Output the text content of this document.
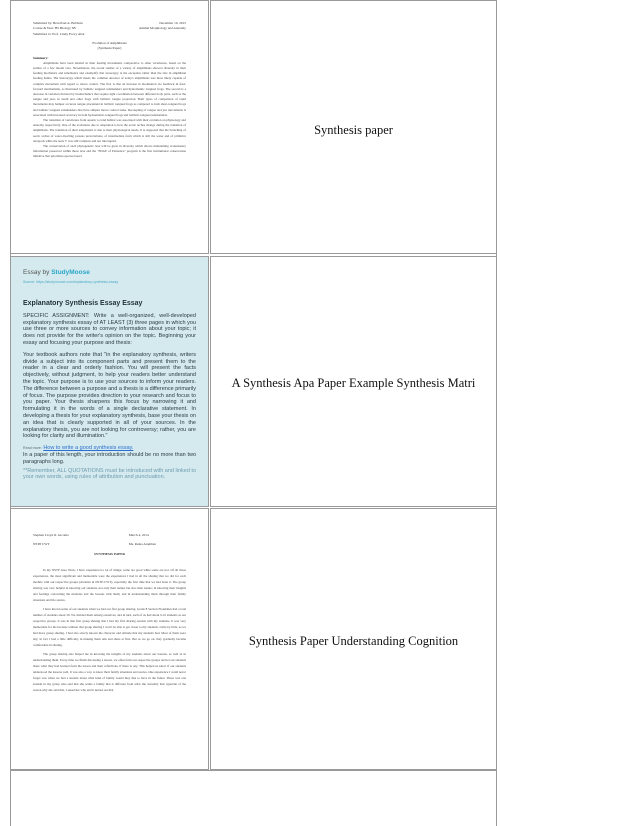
Submitted by: Bran Paul A. Baldwin
Course & Year: BS Biology 3B
Submitted to: Prof. Cindy Evory Abar
December 10, 2015
Animal Morphology and Anatomy
Evolution of Amphibians
(Synthesis Paper)
Summary:

Amphibians have been labeled in their feeding movements comparative to other vertebrates, based on the studies of a few model taxa. Nevertheless, the recent studies of a variety of amphibians showed diversity in their feeding mechanics and kinematics and exemplify that stereotypy is the exception rather than the rule in amphibian feeding habits. The Stereotypy which meets the common ancestor of today's amphibians was most likely capable of complex movement with regard to motor control. The first is that an increase in modulation via feedback in feed-forward mechanisms, as illustrated by ballistic tongued salamanders and hydromantic tongued frogs. The second is a decrease in variation dictated by biomechanics that require tight coordination between different body parts, such as the tongue and jaws in death and other frogs with ballistic tongue projection. Both types of comparison of rapid movements may hamper accurate tongue placement in ballistic tongued frogs as compared to both short-tongued frogs and ballistic tongued salamanders that have simpler motor control tasks. Decoupling of tongue and jaw movements is associated with increased accuracy in both hydromantic-tongued frogs and ballistic-tongued salamanders.

The transition of vertebrates from aquatic to land habitat was associated with their evolution on physiology and anatomy respectively. One of the evolutions due to adaptation is how the aortic arches change during the transition of amphibians. The transition of their adaptations is due to their physiological needs. It is supposed that the branching of aortic arches of water-dwelling proteus prevertebrate, of intermediate form which is still the water and of primitive tetrapods while the neck V was still complete and not interrupted.

The conservation of each phylogenetic taxa will be great in diversity which allows maintaining evolutionary information preserved within those taxa and the "EDGE of Existence" program is the first institutional conservation initiative that prioritizes species based

Synthesis paper
Essay by StudyMoose
Source: https://studymoose.com/explanatory-synthesis-essay
Explanatory Synthesis Essay Essay

SPECIFIC ASSIGNMENT: Write a well-organized, well-developed explanatory synthesis essay of AT LEAST (3) three pages in which you use three or more sources to convey information about your topic; it does not provide for the writer's opinion on the topic. Beginning your essay and focusing your purpose and thesis:

Your textbook authors note that "in the explanatory synthesis, writers divide a subject into its component parts and present them to the reader in a clear and orderly fashion. You will present the facts objectively, without judgment, to help your readers better understand the topic. Your purpose is to use your sources to inform your readers. The difference between a purpose and a thesis is a difference primarily of focus. The purpose provides direction to your research and focus to you paper. Your thesis sharpens this focus by narrowing it and formulating it in the words of a single declarative statement. In developing a thesis for your explanatory synthesis, base your thesis on an idea that is clearly supported in all of your sources. In the explanatory thesis, you are not looking for controversy; rather, you are looking for clarity and illumination."

Read more: How to write a good synthesis essay.
In a paper of this length, your introduction should be no more than two paragraphs long.

**Remember, ALL QUOTATIONS must be introduced with and linked to your own words, using rules of attribution and punctuation.

A Synthesis Apa Paper Example Synthesis Matri
Stephen Lloyd O. Gicoma
NSTP CWT
March 4, 2014
Ms. Reina Aramban
SYNTHESIS PAPER

In my NSTP Area Work, I have experienced a lot of things; some are good while some are not. Of all those experiences, the most significant and memorable were the experiences I had in all the sharing that we did for each module with our respective groups (students in NSTP-CWT), especially the first time that we had done it. The group sharing was very helpful in knowing our students, not only their names but also their nature; in knowing their insights and feelings concerning the modules and the lessons with them; and in understanding them through their family situations and life stories.

I have known some of our students when we had our first group sharing. Grade 8 Section Flourishes had a total number of students about 39. We divided them among ourselves; and in turn, each of us had about 9-10 students as our respective groups. It was in that first group sharing that I had my first sharing session with my students. It was very memorable for me because without that group sharing I won't be able to get closer to my students. Little by little, as we had more group sharing, I had also slowly known the character and attitude that my students had. Most of them were shy; in fact I had a little difficulty in making them talk and share at first. But as we go on, they gradually became comfortable in sharing.

The group sharing also helped me in knowing the insights of my students about our lessons, as well as in understanding them. Every time we finish discussing a lesson, we often form our respective groups and let our students share what they had learned from the lesson and their reflections, if there is any. This helped us know if our students understood the lessons well. It was also a way to know their family situations and stories. One experience I could never forget was when we had a student about what kind of family would they like to have in the future. There was one student in my group who said that she wants a family that is different from what she currently had. Ignorant of the reason why she said that, I asked her why and it turned out that

Synthesis Paper Understanding Cognition
